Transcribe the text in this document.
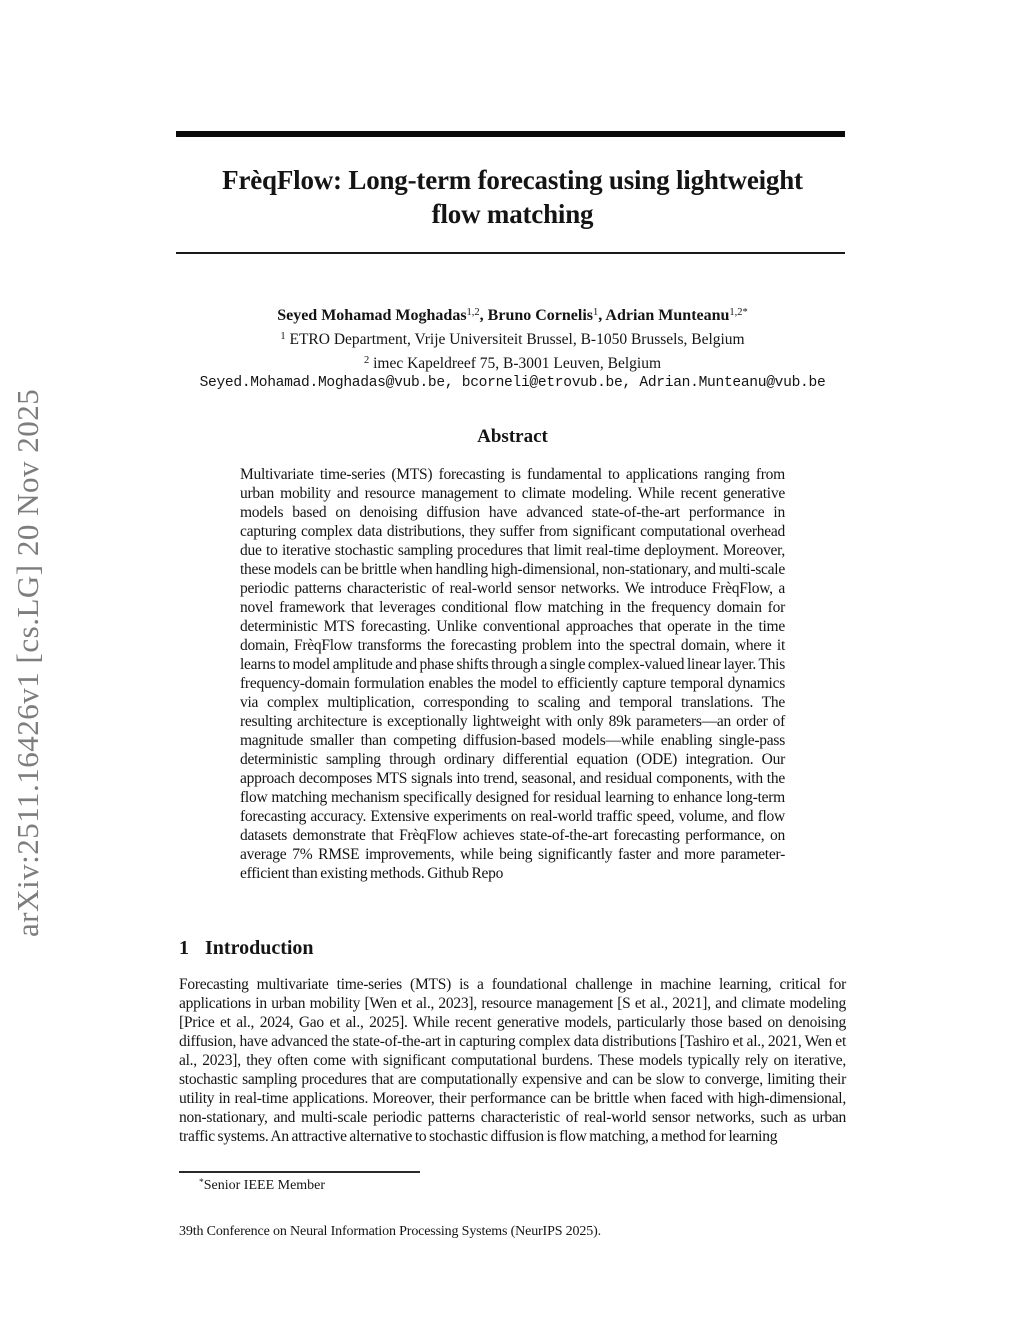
arXiv:2511.16426v1 [cs.LG] 20 Nov 2025
FrèqFlow: Long-term forecasting using lightweight
flow matching
Seyed Mohamad Moghadas$^{1,2}$, Bruno Cornelis$^1$, Adrian Munteanu$^{1,2*}$
$^1$ ETRO Department, Vrije Universiteit Brussel, B-1050 Brussels, Belgium
$^2$ imec Kapeldreef 75, B-3001 Leuven, Belgium
Seyed.Mohamad.Moghadas@vub.be, bcorneli@etrovub.be, Adrian.Munteanu@vub.be
Abstract

Multivariate time-series (MTS) forecasting is fundamental to applications ranging from urban mobility and resource management to climate modeling. While recent generative models based on denoising diffusion have advanced state-of-the-art performance in capturing complex data distributions, they suffer from significant computational overhead due to iterative stochastic sampling procedures that limit real-time deployment. Moreover, these models can be brittle when handling high-dimensional, non-stationary, and multi-scale periodic patterns characteristic of real-world sensor networks. We introduce FrèqFlow, a novel framework that leverages conditional flow matching in the frequency domain for deterministic MTS forecasting. Unlike conventional approaches that operate in the time domain, FrèqFlow transforms the forecasting problem into the spectral domain, where it learns to model amplitude and phase shifts through a single complex-valued linear layer. This frequency-domain formulation enables the model to efficiently capture temporal dynamics via complex multiplication, corresponding to scaling and temporal translations. The resulting architecture is exceptionally lightweight with only 89k parameters—an order of magnitude smaller than competing diffusion-based models—while enabling single-pass deterministic sampling through ordinary differential equation (ODE) integration. Our approach decomposes MTS signals into trend, seasonal, and residual components, with the flow matching mechanism specifically designed for residual learning to enhance long-term forecasting accuracy. Extensive experiments on real-world traffic speed, volume, and flow datasets demonstrate that FrèqFlow achieves state-of-the-art forecasting performance, on average 7% RMSE improvements, while being significantly faster and more parameter-efficient than existing methods. Github Repo

1 Introduction

Forecasting multivariate time-series (MTS) is a foundational challenge in machine learning, critical for applications in urban mobility [Wen et al., 2023], resource management [S et al., 2021], and climate modeling [Price et al., 2024, Gao et al., 2025]. While recent generative models, particularly those based on denoising diffusion, have advanced the state-of-the-art in capturing complex data distributions [Tashiro et al., 2021, Wen et al., 2023], they often come with significant computational burdens. These models typically rely on iterative, stochastic sampling procedures that are computationally expensive and can be slow to converge, limiting their utility in real-time applications. Moreover, their performance can be brittle when faced with high-dimensional, non-stationary, and multi-scale periodic patterns characteristic of real-world sensor networks, such as urban traffic systems. An attractive alternative to stochastic diffusion is flow matching, a method for learning

*Senior IEEE Member
39th Conference on Neural Information Processing Systems (NeurIPS 2025).
